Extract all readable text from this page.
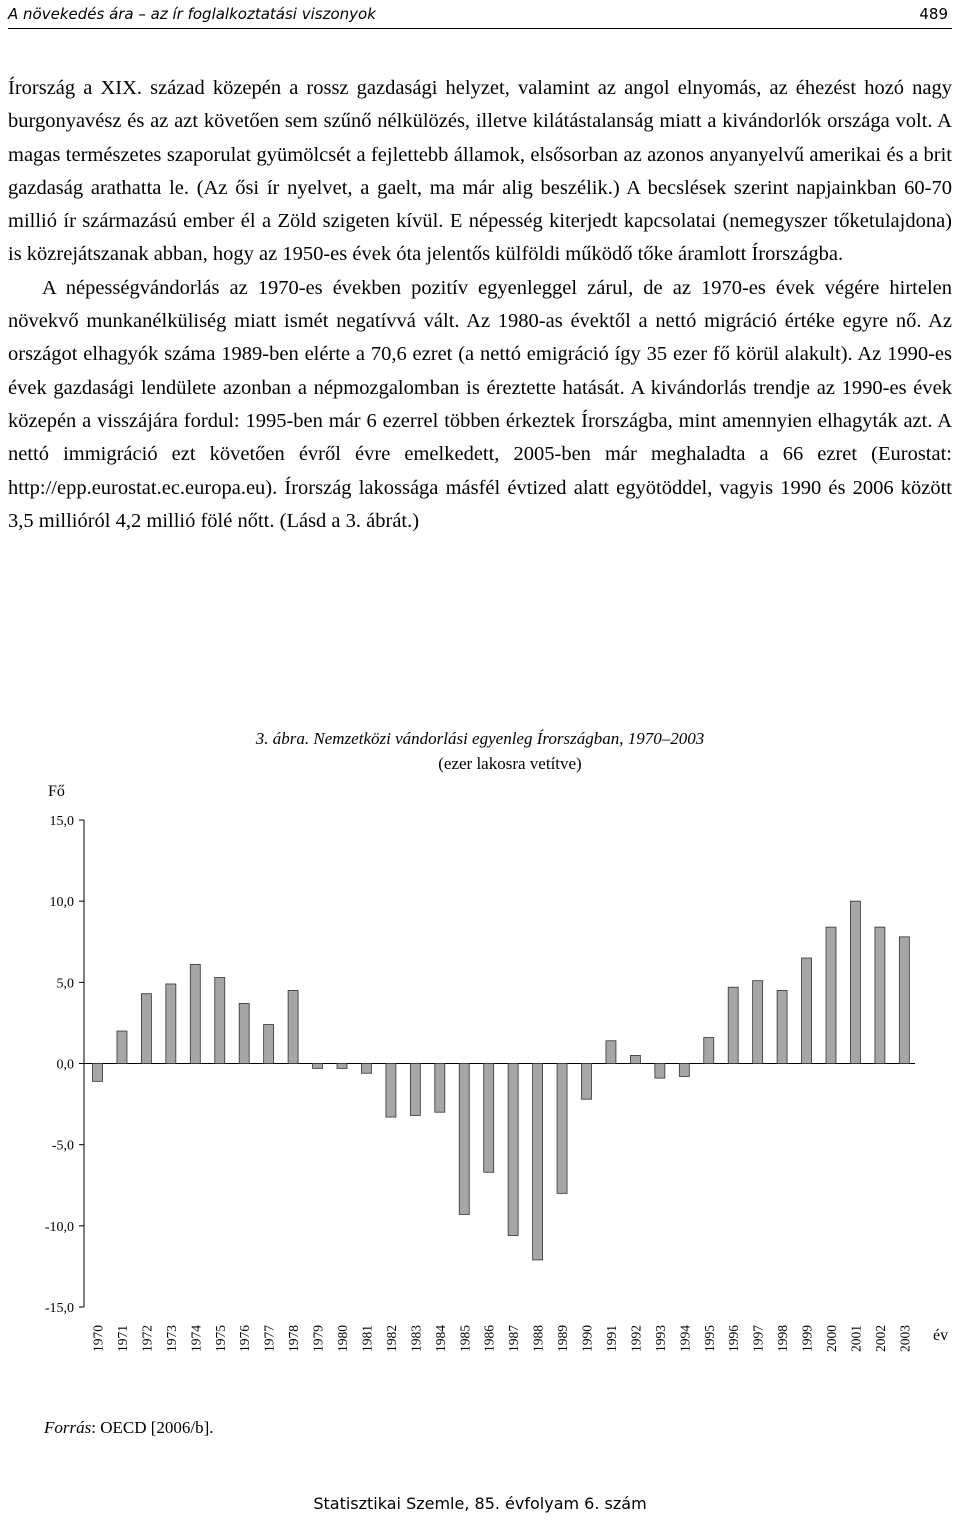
A növekedés ára – az ír foglalkoztatási viszonyok	489

Írország a XIX. század közepén a rossz gazdasági helyzet, valamint az angol elnyomás, az éhezést hozó nagy burgonyavész és az azt követően sem szűnő nélkülözés, illetve kilátástalanság miatt a kivándorlók országa volt. A magas természetes szaporulat gyümölcsét a fejlettebb államok, elsősorban az azonos anyanyelvű amerikai és a brit gazdaság arathatta le. (Az ősi ír nyelvet, a gaelt, ma már alig beszélik.) A becslések szerint napjainkban 60-70 millió ír származású ember él a Zöld szigeten kívül. E népesség kiterjedt kapcsolatai (nemegyszer tőketulajdona) is közrejátszanak abban, hogy az 1950-es évek óta jelentős külföldi működő tőke áramlott Írországba.

A népességvándorlás az 1970-es években pozitív egyenleggel zárul, de az 1970-es évek végére hirtelen növekvő munkanélküliség miatt ismét negatívvá vált. Az 1980-as évektől a nettó migráció értéke egyre nő. Az országot elhagyók száma 1989-ben elérte a 70,6 ezret (a nettó emigráció így 35 ezer fő körül alakult). Az 1990-es évek gazdasági lendülete azonban a népmozgalomban is éreztette hatását. A kivándorlás trendje az 1990-es évek közepén a visszájára fordul: 1995-ben már 6 ezerrel többen érkeztek Írországba, mint amennyien elhagyták azt. A nettó immigráció ezt követően évről évre emelkedett, 2005-ben már meghaladta a 66 ezret (Eurostat: http://epp.eurostat.ec.europa.eu). Írország lakossága másfél évtized alatt egyötöddel, vagyis 1990 és 2006 között 3,5 millióról 4,2 millió fölé nőtt. (Lásd a 3. ábrát.)

3. ábra. Nemzetközi vándorlási egyenleg Írországban, 1970–2003
(ezer lakosra vetítve)
15,0
10,0
5,0
0,0
-5,0
-10,0
-15,0
Fő
1970 1971 1972 1973 1974 1975 1976 1977 1978 1979 1980 1981 1982 1983 1984 1985 1986 1987 1988 1989 1990 1991 1992 1993 1994 1995 1996 1997 1998 1999 2000 2001 2002 2003 év
Forrás: OECD [2006/b].
Statisztikai Szemle, 85. évfolyam 6. szám
